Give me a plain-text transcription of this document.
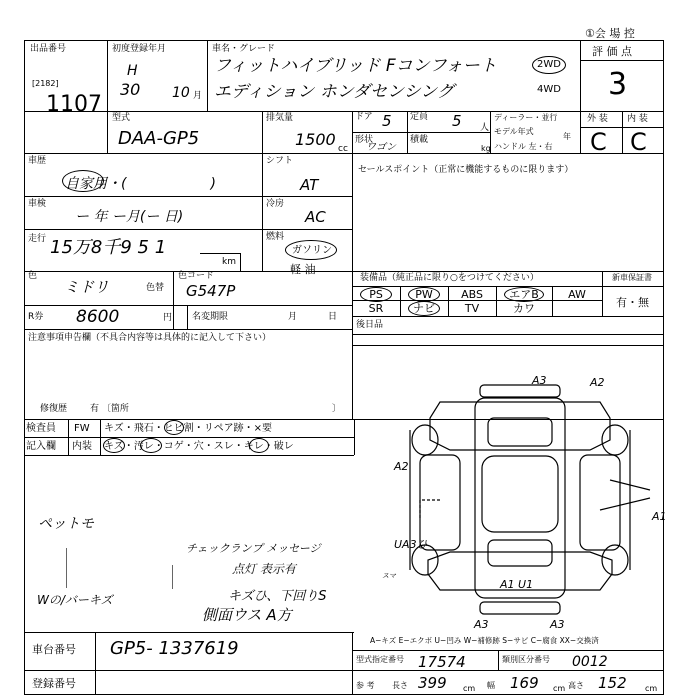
①会 場 控
出品番号
[2182]
1107
初度登録年月
H
30 10 月
車名・グレード
フィットハイブリッド Fコンフォート
エディション ホンダセンシング
2WD
4WD
評 価 点
3
型式
DAA-GP5
排気量
1500 cc
ドア 5 定員 5 人
形状
ワゴン
積載
kg
ディーラー・並行
モデル年式
年
ハンドル 左・右
外 装 内 装
C C
車歴
自家用・(　　　　　　)
車検
ー 年 ー月(ー 日)
走行 15万8千9 5 1
km
色
ミドリ	色替
色コード
G547P
R券 8600	円 名変期限	月	日
注意事項申告欄（不具合内容等は具体的に記入して下さい）
修復歴	有 〔箇所	〕
シフト
AT
冷房
AC
燃料
ガソリン
軽 油
セールスポイント（正常に機能するものに限ります）
装備品（純正品に限り○をつけてください）	新車保証書
PS	PW	ABS	エアB	AW
SR	ナビ	TV	カワ	有・無
後日品
検査員
記入欄
FW キズ・飛石・ヒビ割・リペア跡・×要
内装 キズ・汚レ・コゲ・穴・スレ・キレ・破レ
ペットモ
Wの/バーキズ
チェックランプ メッセージ
点灯 表示有
キズひ、下回りS
側面ウス A方
A3	A2
A2
A1
UA3ひ
A1 U1
A3	A3
スマ
A−キズ E−エクボ U−凹み W−補修跡 S−サビ C−腐食 XX−交換済
車台番号 GP5- 1337619
登録番号
型式指定番号 17574	類別区分番号 0012
参 考 長さ 399 cm 幅 169 cm 高さ 152 cm
